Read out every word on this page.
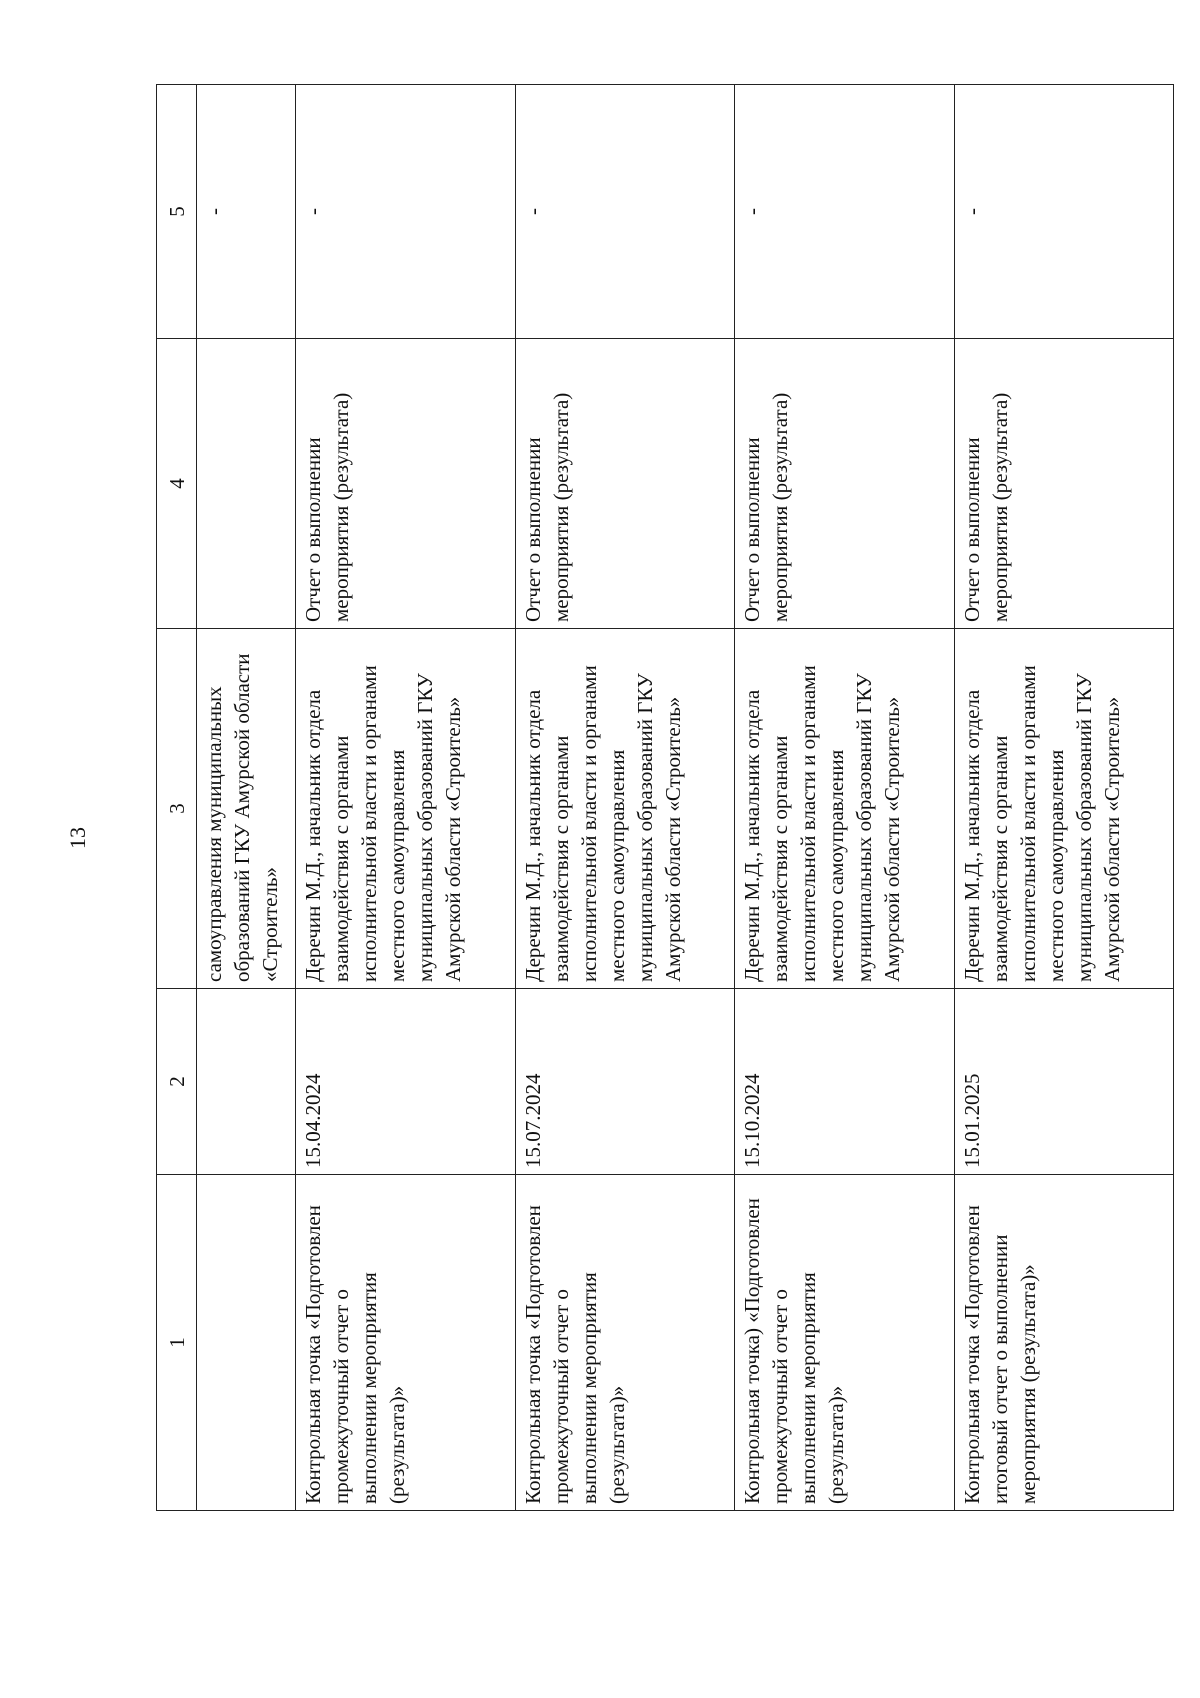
13
1	2	3	4	5
		самоуправления муниципальных образований ГКУ Амурской области «Строитель»		-
Контрольная точка «Подготовлен промежуточный отчет о выполнении мероприятия (результата)»	15.04.2024	Деречин М.Д., начальник отдела взаимодействия с органами исполнительной власти и органами местного самоуправления муниципальных образований ГКУ Амурской области «Строитель»	Отчет о выполнении мероприятия (результата)	-
Контрольная точка «Подготовлен промежуточный отчет о выполнении мероприятия (результата)»	15.07.2024	Деречин М.Д., начальник отдела взаимодействия с органами исполнительной власти и органами местного самоуправления муниципальных образований ГКУ Амурской области «Строитель»	Отчет о выполнении мероприятия (результата)	-
Контрольная точка) «Подготовлен промежуточный отчет о выполнении мероприятия (результата)»	15.10.2024	Деречин М.Д., начальник отдела взаимодействия с органами исполнительной власти и органами местного самоуправления муниципальных образований ГКУ Амурской области «Строитель»	Отчет о выполнении мероприятия (результата)	-
Контрольная точка «Подготовлен итоговый отчет о выполнении мероприятия (результата)»	15.01.2025	Деречин М.Д., начальник отдела взаимодействия с органами исполнительной власти и органами местного самоуправления муниципальных образований ГКУ Амурской области «Строитель»	Отчет о выполнении мероприятия (результата)	-
